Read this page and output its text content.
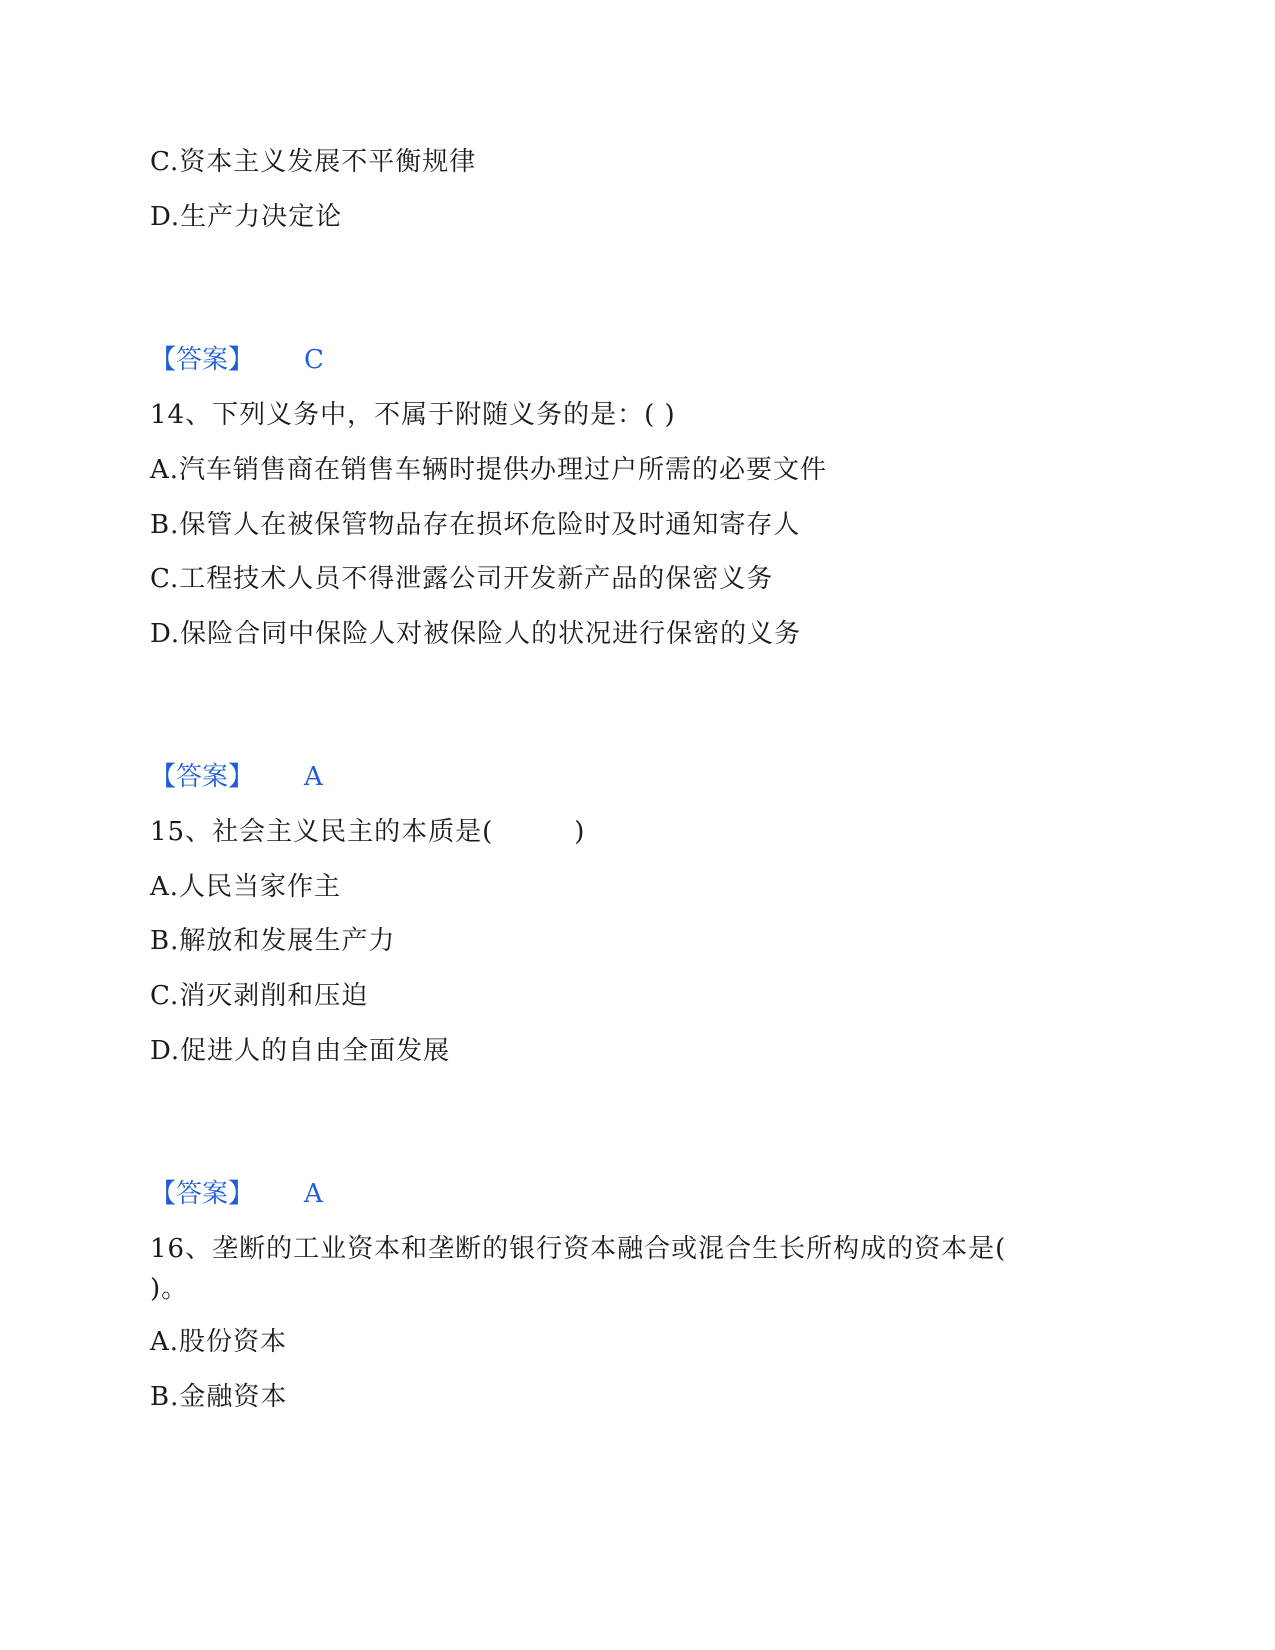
C.资本主义发展不平衡规律
D.生产力决定论
【答案】 C
14、下列义务中，不属于附随义务的是：( )
A.汽车销售商在销售车辆时提供办理过户所需的必要文件
B.保管人在被保管物品存在损坏危险时及时通知寄存人
C.工程技术人员不得泄露公司开发新产品的保密义务
D.保险合同中保险人对被保险人的状况进行保密的义务
【答案】 A
15、社会主义民主的本质是(　　　)
A.人民当家作主
B.解放和发展生产力
C.消灭剥削和压迫
D.促进人的自由全面发展
【答案】 A
16、垄断的工业资本和垄断的银行资本融合或混合生长所构成的资本是(
)。
A.股份资本
B.金融资本
